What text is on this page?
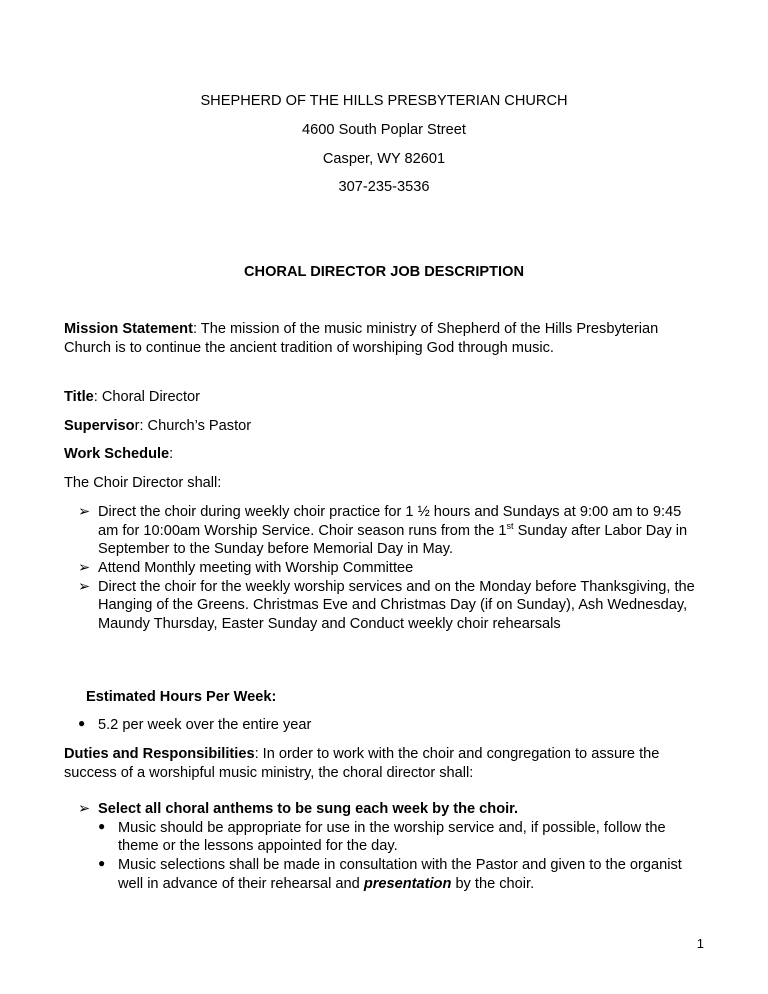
SHEPHERD OF THE HILLS PRESBYTERIAN CHURCH
4600 South Poplar Street
Casper, WY 82601
307-235-3536
CHORAL DIRECTOR JOB DESCRIPTION

Mission Statement: The mission of the music ministry of Shepherd of the Hills Presbyterian Church is to continue the ancient tradition of worshiping God through music.

Title: Choral Director

Supervisor: Church’s Pastor

Work Schedule:

The Choir Director shall:
➢ Direct the choir during weekly choir practice for 1 ½ hours and Sundays at 9:00 am to 9:45 am for 10:00am Worship Service. Choir season runs from the 1st Sunday after Labor Day in September to the Sunday before Memorial Day in May.
➢ Attend Monthly meeting with Worship Committee
➢ Direct the choir for the weekly worship services and on the Monday before Thanksgiving, the Hanging of the Greens. Christmas Eve and Christmas Day (if on Sunday), Ash Wednesday, Maundy Thursday, Easter Sunday and Conduct weekly choir rehearsals
Estimated Hours Per Week:
● 5.2 per week over the entire year

Duties and Responsibilities: In order to work with the choir and congregation to assure the success of a worshipful music ministry, the choral director shall:

➢ Select all choral anthems to be sung each week by the choir.
● Music should be appropriate for use in the worship service and, if possible, follow the theme or the lessons appointed for the day.
● Music selections shall be made in consultation with the Pastor and given to the organist well in advance of their rehearsal and presentation by the choir.
1
